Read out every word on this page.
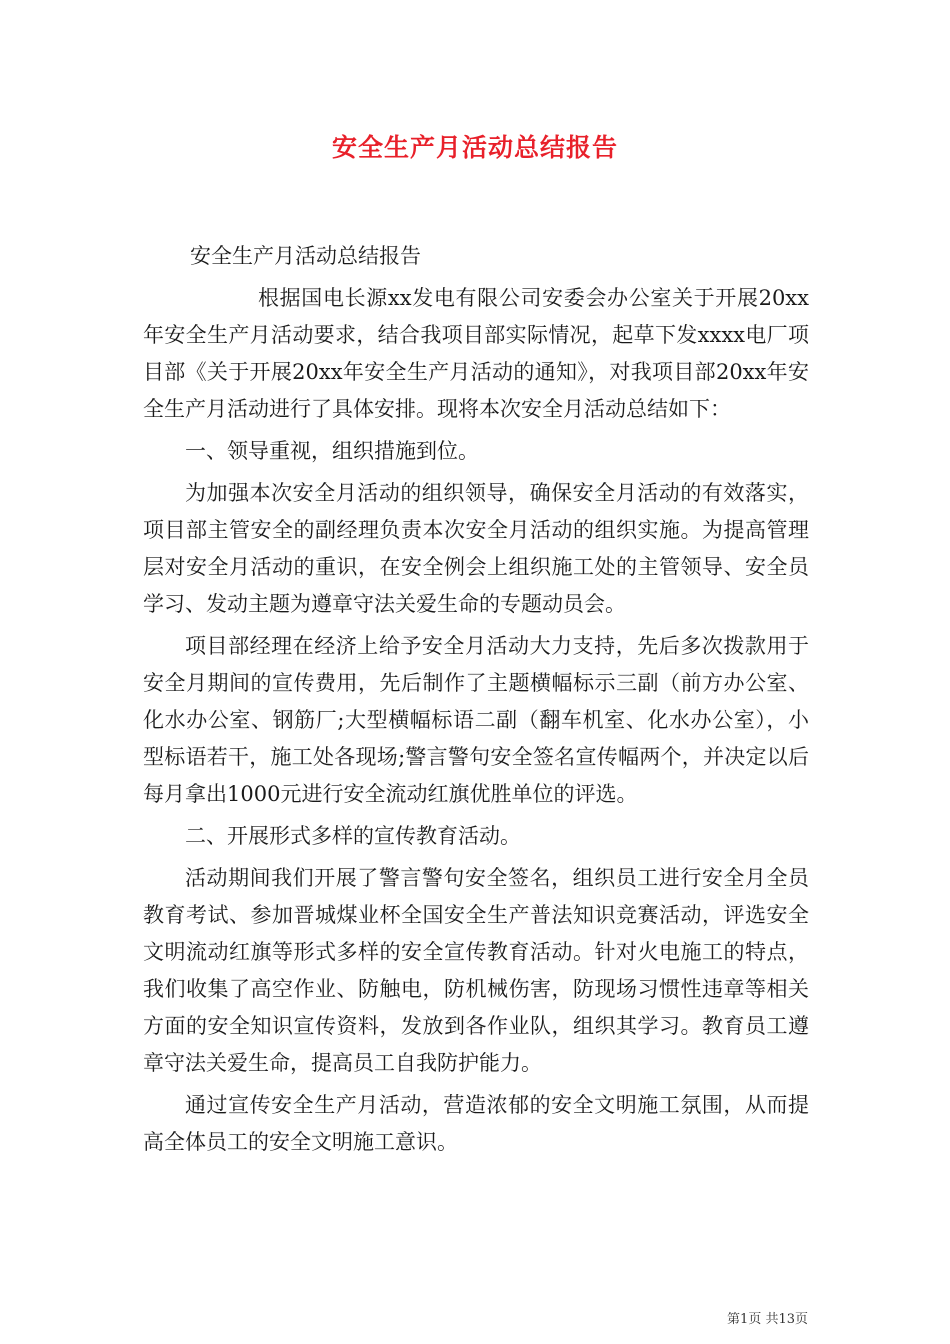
安全生产月活动总结报告

安全生产月活动总结报告

根据国电长源xx发电有限公司安委会办公室关于开展20xx年安全生产月活动要求，结合我项目部实际情况，起草下发xxxx电厂项目部《关于开展20xx年安全生产月活动的通知》，对我项目部20xx年安全生产月活动进行了具体安排。现将本次安全月活动总结如下：

一、领导重视，组织措施到位。

为加强本次安全月活动的组织领导，确保安全月活动的有效落实，项目部主管安全的副经理负责本次安全月活动的组织实施。为提高管理层对安全月活动的重识，在安全例会上组织施工处的主管领导、安全员学习、发动主题为遵章守法关爱生命的专题动员会。

项目部经理在经济上给予安全月活动大力支持，先后多次拨款用于安全月期间的宣传费用，先后制作了主题横幅标示三副（前方办公室、化水办公室、钢筋厂;大型横幅标语二副（翻车机室、化水办公室），小型标语若干，施工处各现场;警言警句安全签名宣传幅两个，并决定以后每月拿出1000元进行安全流动红旗优胜单位的评选。

二、开展形式多样的宣传教育活动。

活动期间我们开展了警言警句安全签名，组织员工进行安全月全员教育考试、参加晋城煤业杯全国安全生产普法知识竞赛活动，评选安全文明流动红旗等形式多样的安全宣传教育活动。针对火电施工的特点，我们收集了高空作业、防触电，防机械伤害，防现场习惯性违章等相关方面的安全知识宣传资料，发放到各作业队，组织其学习。教育员工遵章守法关爱生命，提高员工自我防护能力。

通过宣传安全生产月活动，营造浓郁的安全文明施工氛围，从而提高全体员工的安全文明施工意识。

第1页 共13页
